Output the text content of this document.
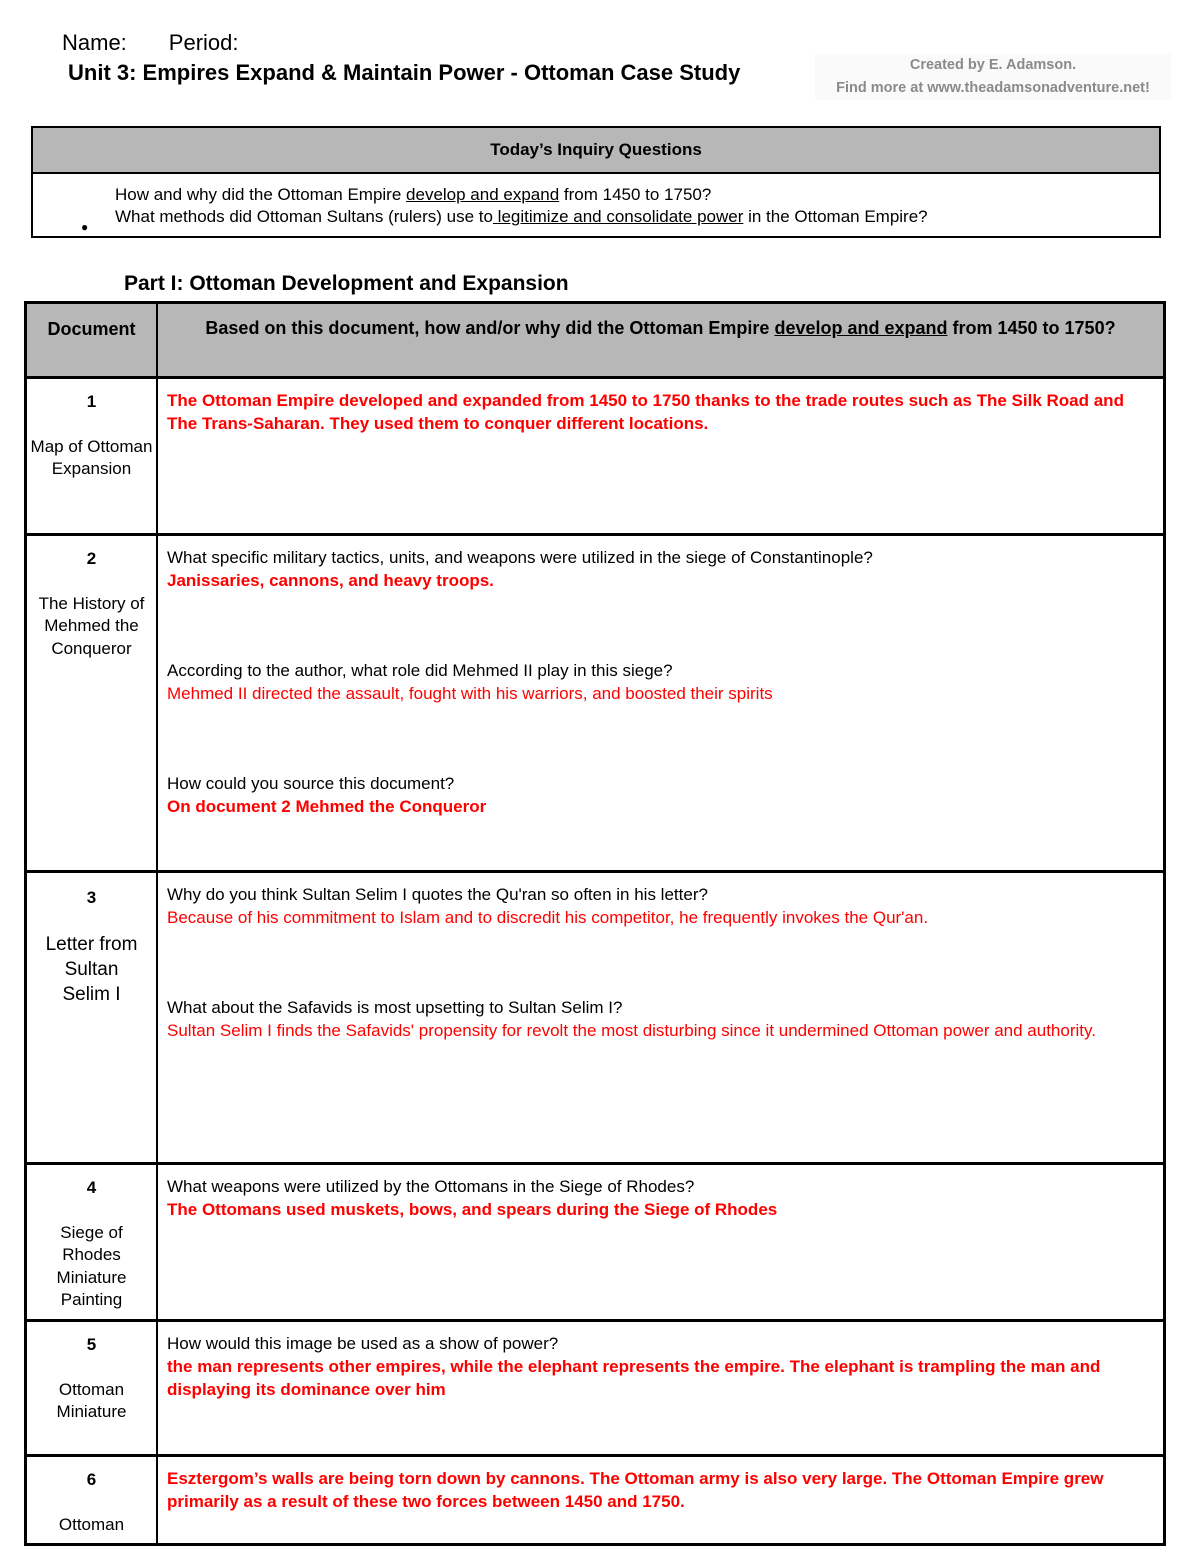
Name: Period:
Unit 3: Empires Expand & Maintain Power - Ottoman Case Study	Created by E. Adamson.
Find more at www.theadamsonadventure.net!
Today’s Inquiry Questions
How and why did the Ottoman Empire develop and expand from 1450 to 1750?
●
What methods did Ottoman Sultans (rulers) use to legitimize and consolidate power in the Ottoman Empire?
Part I: Ottoman Development and Expansion
Document	Based on this document, how and/or why did the Ottoman Empire develop and expand from 1450 to 1750?
1
Map of Ottoman Expansion
The Ottoman Empire developed and expanded from 1450 to 1750 thanks to the trade routes such as The Silk Road and The Trans-Saharan. They used them to conquer different locations.
2
The History of Mehmed the Conqueror
What specific military tactics, units, and weapons were utilized in the siege of Constantinople?
Janissaries, cannons, and heavy troops.
According to the author, what role did Mehmed II play in this siege?
Mehmed II directed the assault, fought with his warriors, and boosted their spirits
How could you source this document?
On document 2 Mehmed the Conqueror
3
Letter from Sultan Selim I
Why do you think Sultan Selim I quotes the Qu'ran so often in his letter?
Because of his commitment to Islam and to discredit his competitor, he frequently invokes the Qur'an.
What about the Safavids is most upsetting to Sultan Selim I?
Sultan Selim I finds the Safavids' propensity for revolt the most disturbing since it undermined Ottoman power and authority.
4
Siege of Rhodes Miniature Painting
What weapons were utilized by the Ottomans in the Siege of Rhodes?
The Ottomans used muskets, bows, and spears during the Siege of Rhodes
5
Ottoman Miniature
How would this image be used as a show of power?
the man represents other empires, while the elephant represents the empire. The elephant is trampling the man and displaying its dominance over him
6
Ottoman
Esztergom’s walls are being torn down by cannons. The Ottoman army is also very large. The Ottoman Empire grew primarily as a result of these two forces between 1450 and 1750.
